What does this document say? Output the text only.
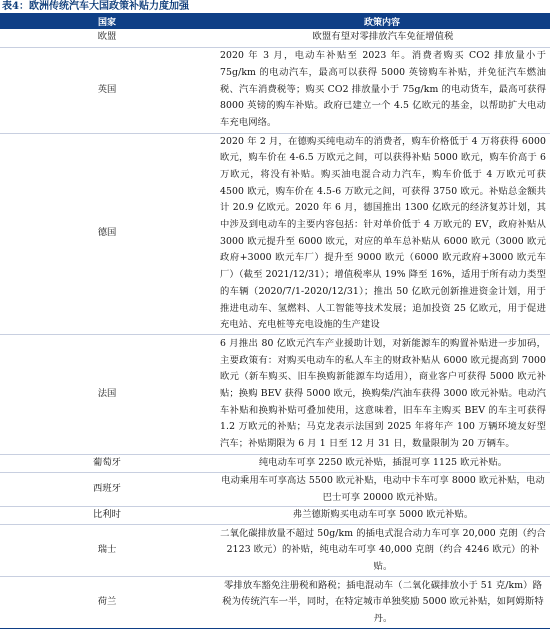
表4：欧洲传统汽车大国政策补贴力度加强
国家	政策内容
欧盟	欧盟有望对零排放汽车免征增值税
英国	2020 年 3 月，电动车补贴至 2023 年。消费者购买 CO2 排放量小于 75g/km 的电动汽车，最高可以获得 5000 英镑购车补贴，并免征汽车燃油税、汽车消费税等；购买 CO2 排放量小于 75g/km 的电动货车，最高可获得 8000 英镑的购车补贴。政府已建立一个 4.5 亿欧元的基金，以帮助扩大电动车充电网络。
德国	2020 年 2 月，在德购买纯电动车的消费者，购车价格低于 4 万将获得 6000 欧元，购车价在 4-6.5 万欧元之间，可以获得补贴 5000 欧元，购车价高于 6 万欧元，将没有补贴。购买油电混合动力汽车，购车价低于 4 万欧元可获 4500 欧元，购车价在 4.5-6 万欧元之间，可获得 3750 欧元。补贴总金额共计 20.9 亿欧元。2020 年 6 月，德国推出 1300 亿欧元的经济复苏计划，其中涉及到电动车的主要内容包括：针对单价低于 4 万欧元的 EV，政府补贴从 3000 欧元提升至 6000 欧元，对应的单车总补贴从 6000 欧元（3000 欧元政府+3000 欧元车厂）提升至 9000 欧元（6000 欧元政府+3000 欧元车厂）（截至 2021/12/31）；增值税率从 19% 降至 16%，适用于所有动力类型的车辆（2020/7/1-2020/12/31）；推出 50 亿欧元创新推进资金计划，用于推进电动车、氢燃料、人工智能等技术发展；追加投资 25 亿欧元，用于促进充电站、充电桩等充电设施的生产建设
法国	6 月推出 80 亿欧元汽车产业援助计划，对新能源车的购置补贴进一步加码，主要政策有：对购买电动车的私人车主的财政补贴从 6000 欧元提高到 7000 欧元（新车购买、旧车换购新能源车均适用），商业客户可获得 5000 欧元补贴；换购 BEV 获得 5000 欧元，换购柴/汽油车获得 3000 欧元补贴。电动汽车补贴和换购补贴可叠加使用，这意味着，旧车车主购买 BEV 的车主可获得 1.2 万欧元的补贴；马克龙表示法国到 2025 年将年产 100 万辆环境友好型汽车；补贴期限为 6 月 1 日至 12 月 31 日，数量限制为 20 万辆车。
葡萄牙	纯电动车可享 2250 欧元补贴，插混可享 1125 欧元补贴。
西班牙	电动乘用车可享高达 5500 欧元补贴，电动中卡车可享 8000 欧元补贴，电动巴士可享 20000 欧元补贴。
比利时	弗兰德斯购买电动车可享 5000 欧元补贴。
瑞士	二氧化碳排放量不超过 50g/km 的插电式混合动力车可享 20,000 克朗（约合 2123 欧元）的补贴，纯电动车可享 40,000 克朗（约合 4246 欧元）的补贴。
荷兰	零排放车豁免注册税和路税；插电混动车（二氧化碳排放小于 51 克/km）路税为传统汽车一半，同时，在特定城市单独奖励 5000 欧元补贴，如阿姆斯特丹。
